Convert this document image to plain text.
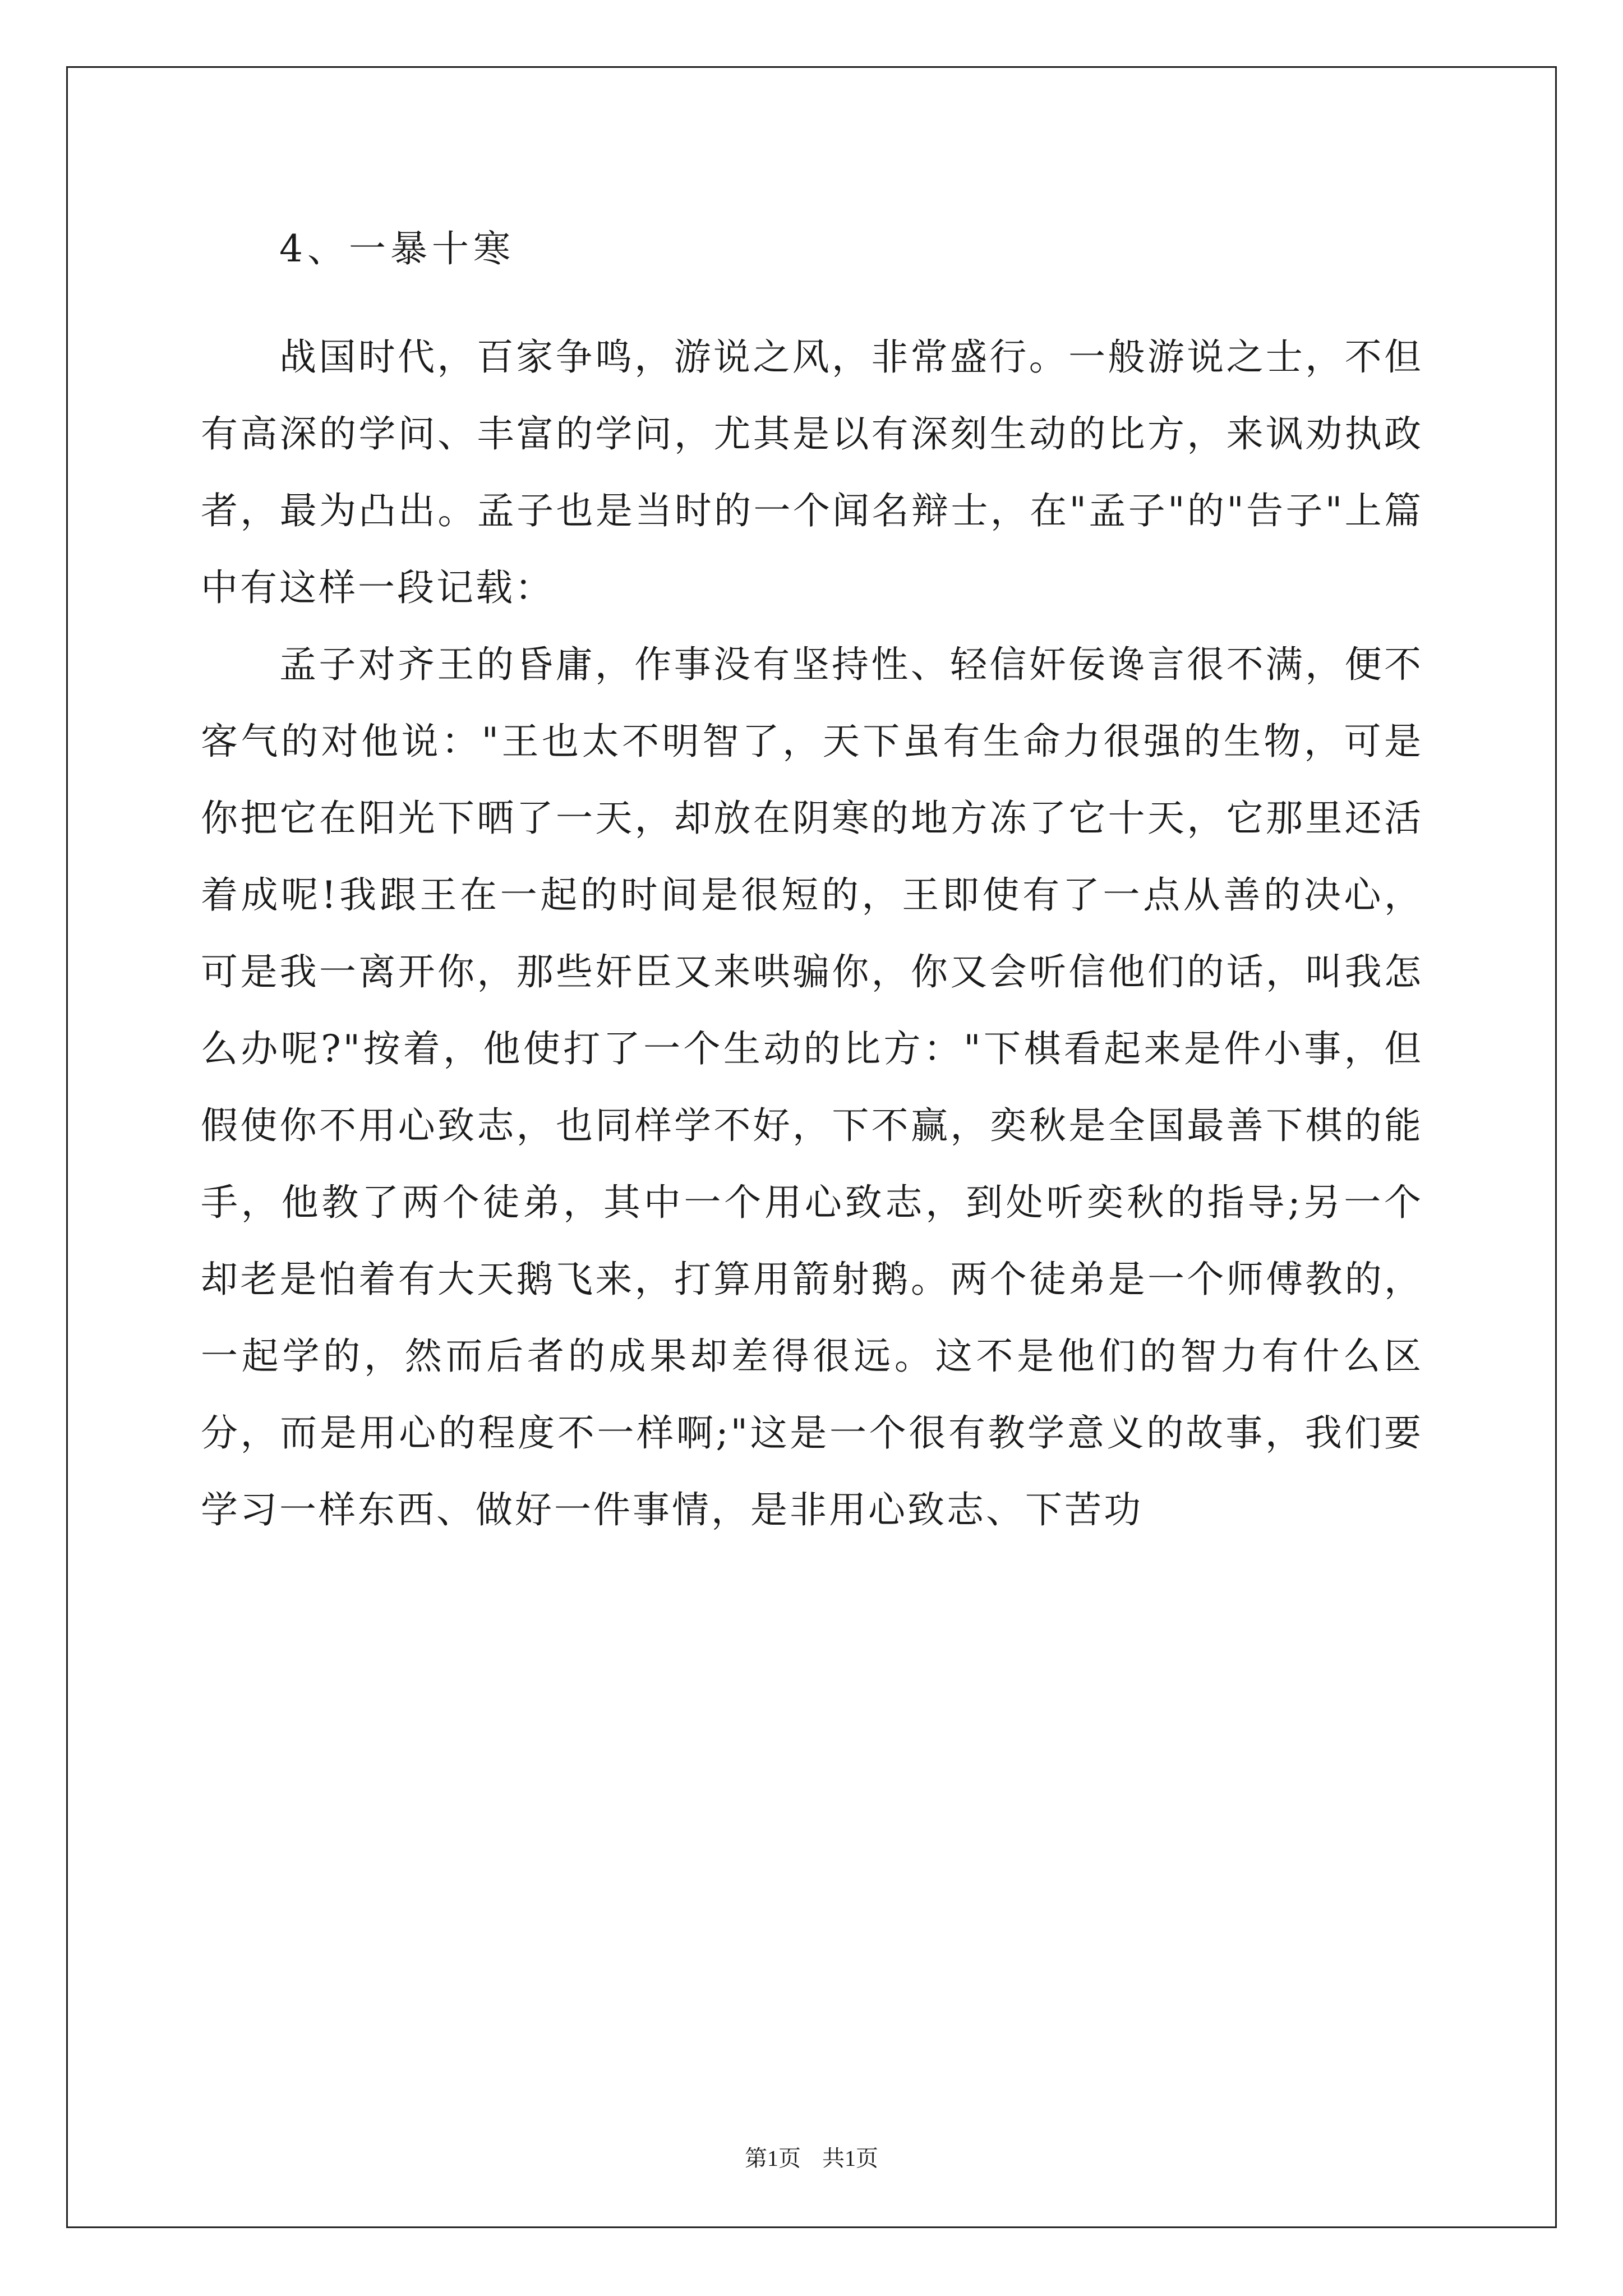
4、一暴十寒

战国时代，百家争鸣，游说之风，非常盛行。一般游说之士，不但有高深的学问、丰富的学问，尤其是以有深刻生动的比方，来讽劝执政者，最为凸出。孟子也是当时的一个闻名辩士，在"孟子"的"告子"上篇中有这样一段记载：

孟子对齐王的昏庸，作事没有坚持性、轻信奸佞谗言很不满，便不客气的对他说："王也太不明智了，天下虽有生命力很强的生物，可是你把它在阳光下晒了一天，却放在阴寒的地方冻了它十天，它那里还活着成呢!我跟王在一起的时间是很短的，王即使有了一点从善的决心，可是我一离开你，那些奸臣又来哄骗你，你又会听信他们的话，叫我怎么办呢?"按着，他使打了一个生动的比方："下棋看起来是件小事，但假使你不用心致志，也同样学不好，下不赢，奕秋是全国最善下棋的能手，他教了两个徒弟，其中一个用心致志，到处听奕秋的指导;另一个却老是怕着有大天鹅飞来，打算用箭射鹅。两个徒弟是一个师傅教的，一起学的，然而后者的成果却差得很远。这不是他们的智力有什么区分，而是用心的程度不一样啊;"这是一个很有教学意义的故事，我们要学习一样东西、做好一件事情，是非用心致志、下苦功

第1页 共1页
